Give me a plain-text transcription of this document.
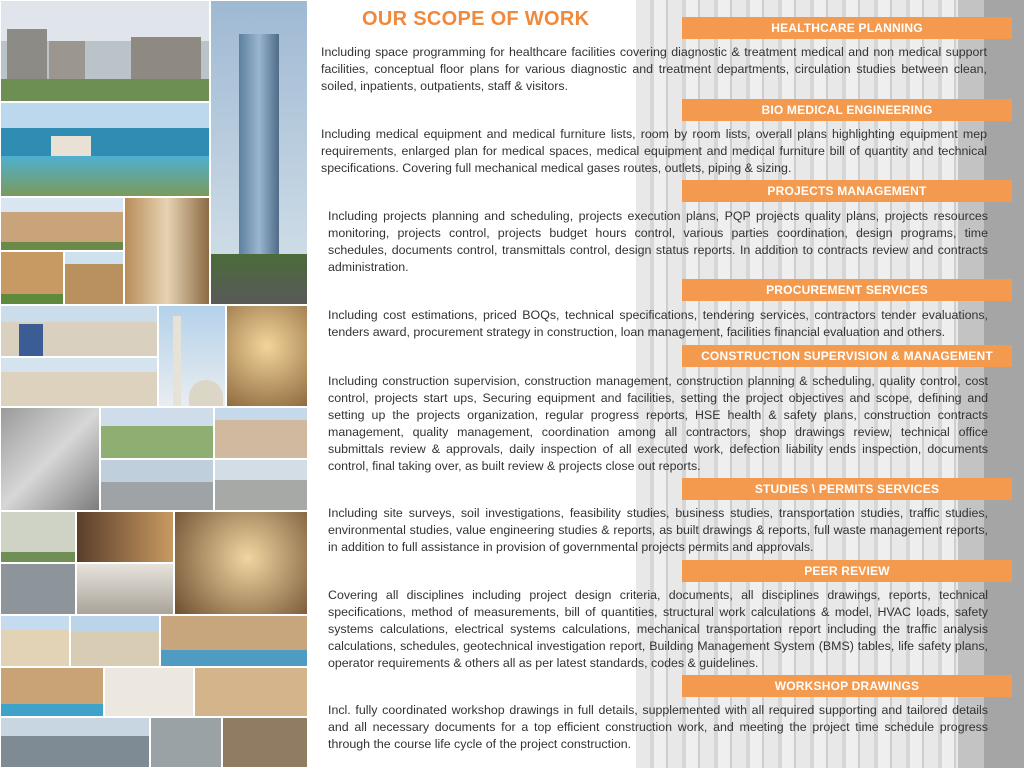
OUR SCOPE OF WORK	HEALTHCARE PLANNING

Including space programming for healthcare facilities covering diagnostic & treatment medical and non medical support facilities, conceptual floor plans for various diagnostic and treatment departments, circulation studies between clean, soiled, inpatients, outpatients, staff & visitors.

BIO MEDICAL ENGINEERING

Including medical equipment and medical furniture lists, room by room lists, overall plans highlighting equipment mep requirements, enlarged plan for medical spaces, medical equipment and medical furniture bill of quantity and technical specifications. Covering full mechanical medical gases routes, outlets, piping & sizing.

PROJECTS MANAGEMENT

Including projects planning and scheduling, projects execution plans, PQP projects quality plans, projects resources monitoring, projects control, projects budget hours control, various parties coordination, design programs, time schedules, documents control, transmittals control, design status reports. In addition to contracts review and contracts administration.

PROCUREMENT SERVICES

Including cost estimations, priced BOQs, technical specifications, tendering services, contractors tender evaluations, tenders award, procurement strategy in construction, loan management, facilities financial evaluation and others.

CONSTRUCTION SUPERVISION & MANAGEMENT

Including construction supervision, construction management, construction planning & scheduling, quality control, cost control, projects start ups, Securing equipment and facilities, setting the project objectives and scope, defining and setting up the projects organization, regular progress reports, HSE health & safety plans, construction contracts management, quality management, coordination among all contractors, shop drawings review, technical office submittals review & approvals, daily inspection of all executed work, defection liability ends inspection, documents control, final taking over, as built review & projects close out reports.

STUDIES \ PERMITS SERVICES

Including site surveys, soil investigations, feasibility studies, business studies, transportation studies, traffic studies, environmental studies, value engineering studies & reports, as built drawings & reports, full waste management reports, in addition to full assistance in provision of governmental projects permits and approvals.

PEER REVIEW

Covering all disciplines including project design criteria, documents, all disciplines drawings, reports, technical specifications, method of measurements, bill of quantities, structural work calculations & model, HVAC loads, safety systems calculations, electrical systems calculations, mechanical transportation report including the traffic analysis calculations, schedules, geotechnical investigation report, Building Management System (BMS) tables, life safety plans, operator requirements & others all as per latest standards, codes & guidelines.

WORKSHOP DRAWINGS

Incl. fully coordinated workshop drawings in full details, supplemented with all required supporting and tailored details and all necessary documents for a top efficient construction work, and meeting the project time schedule progress through the course life cycle of the project construction.
